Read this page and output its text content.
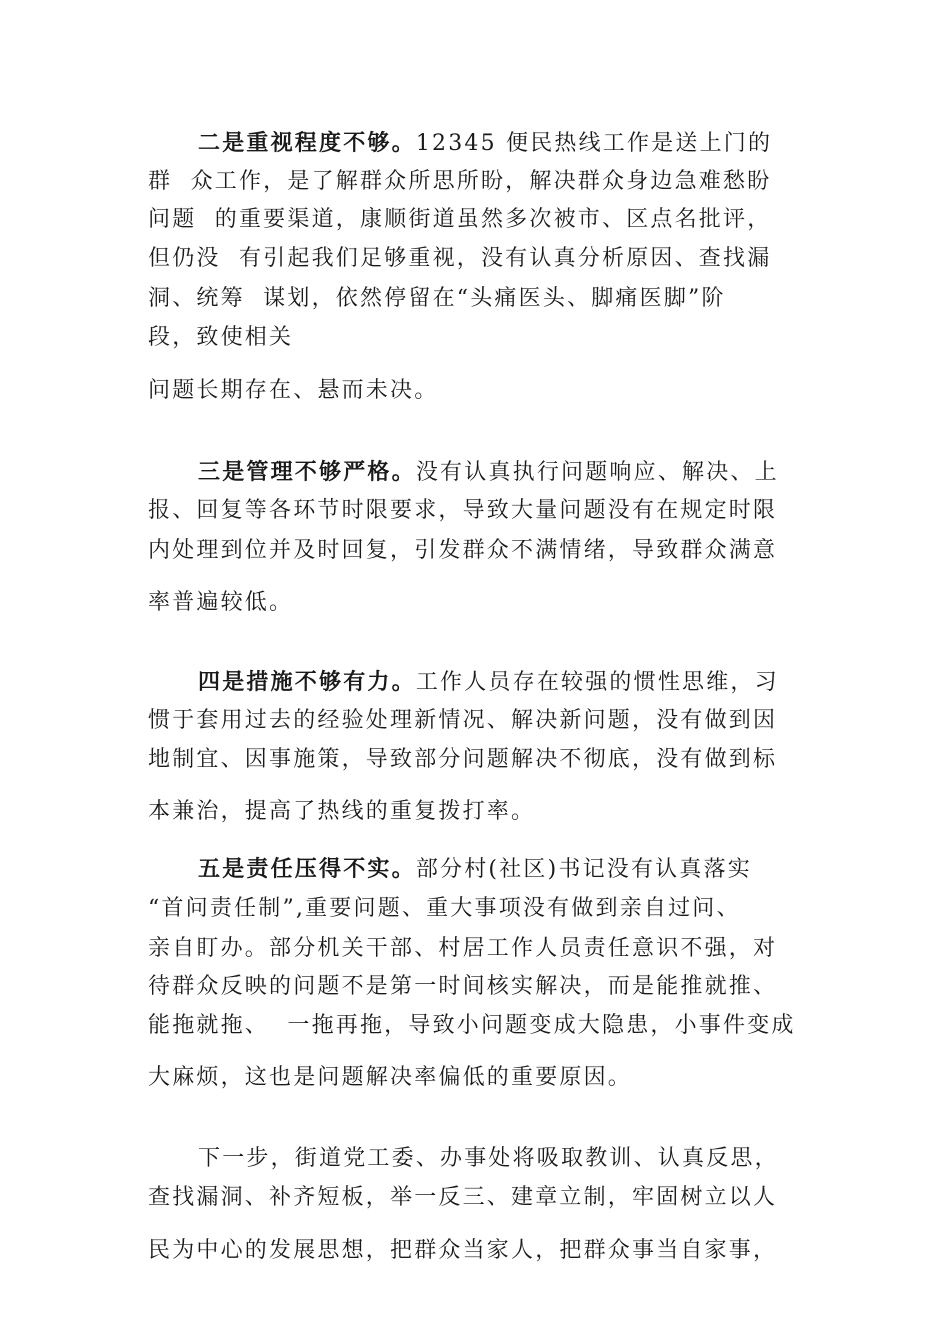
二是重视程度不够。12345 便民热线工作是送上门的

群  众工作，是了解群众所思所盼，解决群众身边急难愁盼

问题  的重要渠道，康顺街道虽然多次被市、区点名批评，

但仍没  有引起我们足够重视，没有认真分析原因、查找漏

洞、统筹  谋划，依然停留在“头痛医头、脚痛医脚”阶

段，致使相关

问题长期存在、悬而未决。

三是管理不够严格。没有认真执行问题响应、解决、上

报、回复等各环节时限要求，导致大量问题没有在规定时限

内处理到位并及时回复，引发群众不满情绪，导致群众满意

率普遍较低。

四是措施不够有力。工作人员存在较强的惯性思维，习

惯于套用过去的经验处理新情况、解决新问题，没有做到因

地制宜、因事施策，导致部分问题解决不彻底，没有做到标

本兼治，提高了热线的重复拨打率。

五是责任压得不实。部分村(社区)书记没有认真落实

“首问责任制”,重要问题、重大事项没有做到亲自过问、

亲自盯办。部分机关干部、村居工作人员责任意识不强，对

待群众反映的问题不是第一时间核实解决，而是能推就推、

能拖就拖、  一拖再拖，导致小问题变成大隐患，小事件变成

大麻烦，这也是问题解决率偏低的重要原因。

下一步，街道党工委、办事处将吸取教训、认真反思，

查找漏洞、补齐短板，举一反三、建章立制，牢固树立以人

民为中心的发展思想，把群众当家人，把群众事当自家事，
